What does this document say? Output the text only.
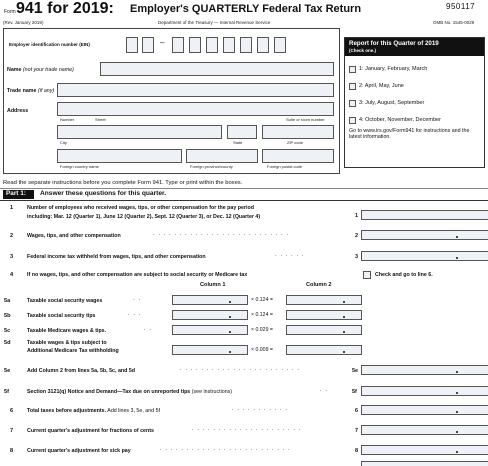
Form 941 for 2019: Employer's QUARTERLY Federal Tax Return
(Rev. January 2019)	Department of the Treasury — Internal Revenue Service
950117
OMB No. 1545-0029
Employer identification number (EIN)	–
Name (not your trade name)
Trade name (if any)
Address
Number	Street	Suite or room number
City	State	ZIP code
Foreign country name	Foreign province/county	Foreign postal code
Report for this Quarter of 2019
(Check one.)
1: January, February, March
2: April, May, June
3: July, August, September
4: October, November, December
Go to www.irs.gov/Form941 for instructions and the latest information.
Read the separate instructions before you complete Form 941. Type or print within the boxes.
Part 1: Answer these questions for this quarter.
1	Number of employees who received wages, tips, or other compensation for the pay period
including: Mar. 12 (Quarter 1), June 12 (Quarter 2), Sept. 12 (Quarter 3), or Dec. 12 (Quarter 4)	1
2	Wages, tips, and other compensation	. . . . . . . . . . . . . . . . . . . . . . . . . .	2
3	Federal income tax withheld from wages, tips, and other compensation	. . . . . .	3
4	If no wages, tips, and other compensation are subject to social security or Medicare tax	Check and go to line 6.
Column 1	Column 2
5a	Taxable social security wages	. .	× 0.124 =
5b	Taxable social security tips	. . .	× 0.124 =
5c	Taxable Medicare wages & tips.	. .	× 0.029 =
5d	Taxable wages & tips subject to
Additional Medicare Tax withholding	× 0.009 =
5e	Add Column 2 from lines 5a, 5b, 5c, and 5d	. . . . . . . . . . . . . . . . . . . . . . .	5e
5f	Section 3121(q) Notice and Demand—Tax due on unreported tips (see instructions)	. .	5f
6	Total taxes before adjustments. Add lines 3, 5e, and 5f	. . . . . . . . . . .	6
7	Current quarter's adjustment for fractions of cents	. . . . . . . . . . . . . . . . . . . . .	7
8	Current quarter's adjustment for sick pay	. . . . . . . . . . . . . . . . . . . . . . . . .	8
